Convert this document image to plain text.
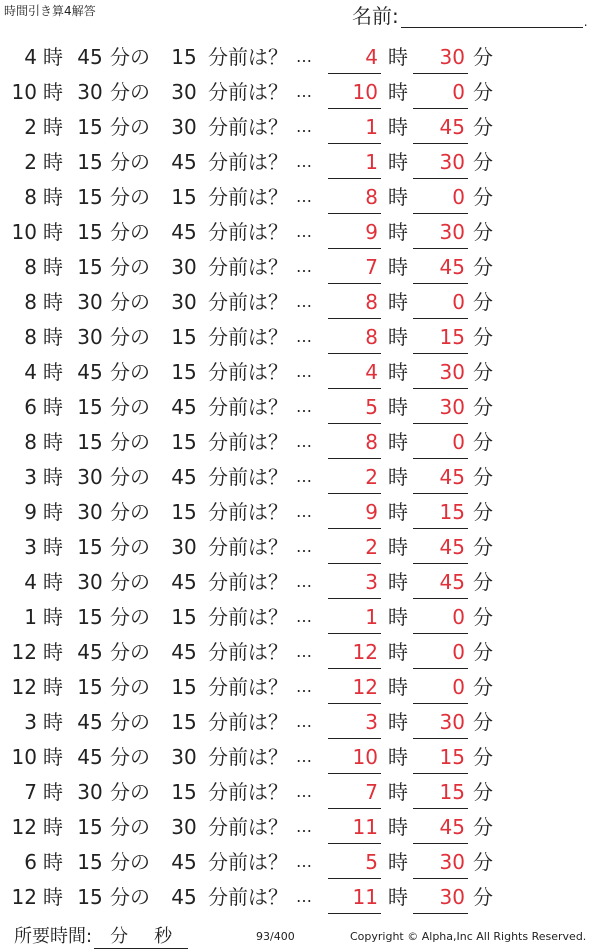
時間引き算4解答	名前:	.
4 時 45 分の 15 分前は？ …	4 時	30 分
10 時 30 分の 30 分前は？ …	10 時	0 分
2 時 15 分の 30 分前は？ …	1 時	45 分
2 時 15 分の 45 分前は？ …	1 時	30 分
8 時 15 分の 15 分前は？ …	8 時	0 分
10 時 15 分の 45 分前は？ …	9 時	30 分
8 時 15 分の 30 分前は？ …	7 時	45 分
8 時 30 分の 30 分前は？ …	8 時	0 分
8 時 30 分の 15 分前は？ …	8 時	15 分
4 時 45 分の 15 分前は？ …	4 時	30 分
6 時 15 分の 45 分前は？ …	5 時	30 分
8 時 15 分の 15 分前は？ …	8 時	0 分
3 時 30 分の 45 分前は？ …	2 時	45 分
9 時 30 分の 15 分前は？ …	9 時	15 分
3 時 15 分の 30 分前は？ …	2 時	45 分
4 時 30 分の 45 分前は？ …	3 時	45 分
1 時 15 分の 15 分前は？ …	1 時	0 分
12 時 45 分の 45 分前は？ …	12 時	0 分
12 時 15 分の 15 分前は？ …	12 時	0 分
3 時 45 分の 15 分前は？ …	3 時	30 分
10 時 45 分の 30 分前は？ …	10 時	15 分
7 時 30 分の 15 分前は？ …	7 時	15 分
12 時 15 分の 30 分前は？ …	11 時	45 分
6 時 15 分の 45 分前は？ …	5 時	30 分
12 時 15 分の 45 分前は？ …	11 時	30 分
所要時間: 分 秒	93/400	Copyright © Alpha,Inc All Rights Reserved.
